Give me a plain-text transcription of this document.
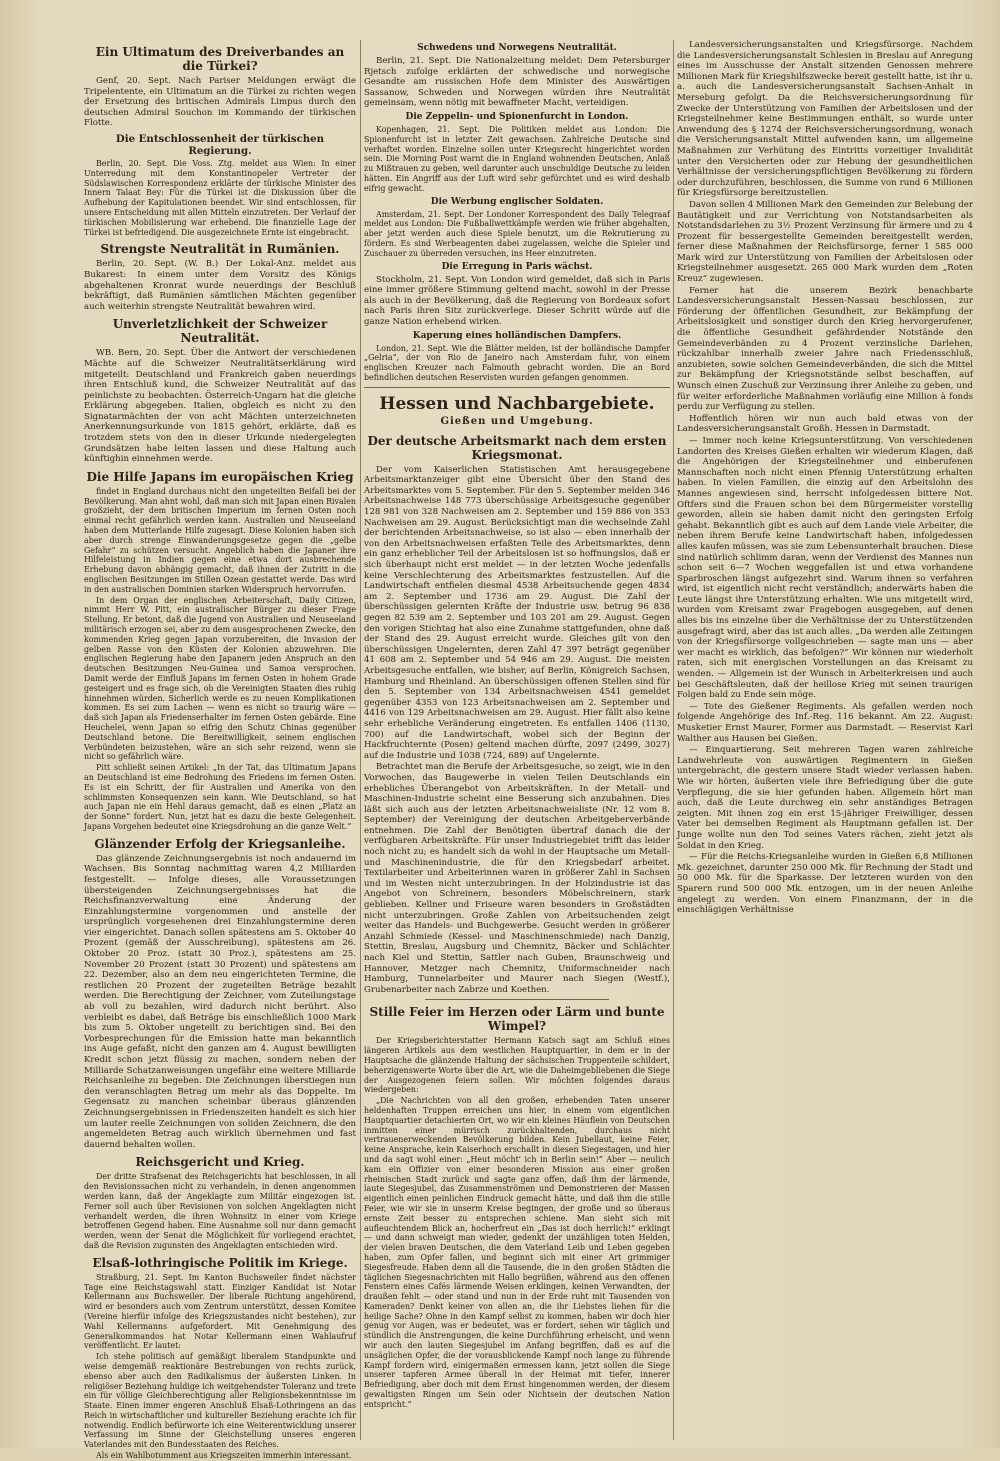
Ein Ultimatum des Dreiverbandes an die Türkei?

Genf, 20. Sept. Nach Pariser Meldungen erwägt die Tripelentente, ein Ultimatum an die Türkei zu richten wegen der Ersetzung des britischen Admirals Limpus durch den deutschen Admiral Souchon im Kommando der türkischen Flotte.

Die Entschlossenheit der türkischen Regierung.

Berlin, 20. Sept. Die Voss. Ztg. meldet aus Wien: In einer Unterredung mit dem Konstantinopeler Vertreter der Südslawischen Korrespondenz erklärte der türkische Minister des Innern Talaat Bey: Für die Türkei ist die Diskussion über die Aufhebung der Kapitulationen beendet. Wir sind entschlossen, für unsere Entscheidung mit allen Mitteln einzutreten. Der Verlauf der türkischen Mobilisierung war erhebend. Die finanzielle Lage der Türkei ist befriedigend. Die ausgezeichnete Ernte ist eingebracht.

Strengste Neutralität in Rumänien.

Berlin, 20. Sept. (W. B.) Der Lokal-Anz. meldet aus Bukarest: In einem unter dem Vorsitz des Königs abgehaltenen Kronrat wurde neuerdings der Beschluß bekräftigt, daß Rumänien sämtlichen Mächten gegenüber auch weiterhin strengste Neutralität bewahren wird.

Unverletzlichkeit der Schweizer Neutralität.

WB. Bern, 20. Sept. Über die Antwort der verschiedenen Mächte auf die Schweizer Neutralitätserklärung wird mitgeteilt: Deutschland und Frankreich gaben neuerdings ihren Entschluß kund, die Schweizer Neutralität auf das peinlichste zu beobachten. Österreich-Ungarn hat die gleiche Erklärung abgegeben. Italien, obgleich es nicht zu den Signatarmächten der von acht Mächten unterzeichneten Anerkennungsurkunde von 1815 gehört, erklärte, daß es trotzdem stets von den in dieser Urkunde niedergelegten Grundsätzen habe leiten lassen und diese Haltung auch künftighin einnehmen werde.

Die Hilfe Japans im europäischen Krieg

findet in England durchaus nicht den ungeteilten Beifall bei der Bevölkerung. Man ahnt wohl, daß man sich mit Japan einen Rivalen großzieht, der dem britischen Imperium im fernen Osten noch einmal recht gefährlich werden kann. Australien und Neuseeland haben dem Mutterlande Hilfe zugesagt. Diese Kolonien haben sich aber durch strenge Einwanderungsgesetze gegen die „gelbe Gefahr“ zu schützen versucht. Angeblich haben die Japaner ihre Hilfeleistung in Indien gegen eine etwa dort ausbrechende Erhebung davon abhängig gemacht, daß ihnen der Zutritt in die englischen Besitzungen im Stillen Ozean gestattet werde. Das wird in den australischen Dominien starken Widerspruch hervorrufen.

In dem Organ der englischen Arbeiterschaft, Daily Citizen, nimmt Herr W. Pitt, ein australischer Bürger zu dieser Frage Stellung. Er betont, daß die Jugend von Australien und Neuseeland militärisch erzogen sei, aber zu dem ausgesprochenen Zwecke, den kommenden Krieg gegen Japan vorzubereiten, die Invasion der gelben Rasse von den Küsten der Kolonien abzuwehren. Die englischen Regierung habe den Japanern jeden Anspruch an den deutschen Besitzungen Neu-Guinea und Samoa versprochen. Damit werde der Einfluß Japans im fernen Osten in hohem Grade gesteigert und es frage sich, ob die Vereinigten Staaten dies ruhig hinnehmen würden. Sicherlich werde es zu neuen Komplikationen kommen. Es sei zum Lachen — wenn es nicht so traurig wäre — daß sich Japan als Friedenserhalter im fernen Osten gebärde. Eine Heuchelei, wenn Japan so eifrig den Schutz Chinas gegenüber Deutschland betone. Die Bereitwilligkeit, seinem englischen Verbündeten beizustehen, wäre an sich sehr reizend, wenn sie nicht so gefährlich wäre.

Pitt schließt seinen Artikel: „In der Tat, das Ultimatum Japans an Deutschland ist eine Bedrohung des Friedens im fernen Osten. Es ist ein Schritt, der für Australien und Amerika von den schlimmsten Konsequenzen sein kann. Wie Deutschland, so hat auch Japan nie ein Hehl daraus gemacht, daß es einen „Platz an der Sonne“ fordert. Nun, jetzt hat es dazu die beste Gelegenheit. Japans Vorgehen bedeutet eine Kriegsdrohung an die ganze Welt.“

Glänzender Erfolg der Kriegsanleihe.

Das glänzende Zeichnungsergebnis ist noch andauernd im Wachsen. Bis Sonntag nachmittag waren 4,2 Milliarden festgestellt. — Infolge dieses, alle Voraussetzungen übersteigenden Zeichnungsergebnisses hat die Reichsfinanzverwaltung eine Änderung der Einzahlungstermine vorgenommen und anstelle der ursprünglich vorgesehenen drei Einzahlungstermine deren vier eingerichtet. Danach sollen spätestens am 5. Oktober 40 Prozent (gemäß der Ausschreibung), spätestens am 26. Oktober 20 Proz. (statt 30 Proz.), spätestens am 25. November 20 Prozent (statt 30 Prozent) und spätestens am 22. Dezember, also an dem neu eingerichteten Termine, die restlichen 20 Prozent der zugeteilten Beträge bezahlt werden. Die Berechtigung der Zeichner, vom Zuteilungstage ab voll zu bezahlen, wird dadurch nicht berührt. Also verbleibt es dabei, daß Beträge bis einschließlich 1000 Mark bis zum 5. Oktober ungeteilt zu berichtigen sind. Bei den Vorbesprechungen für die Emission hatte man bekanntlich ins Auge gefaßt, nicht den ganzen am 4. August bewilligten Kredit schon jetzt flüssig zu machen, sondern neben der Milliarde Schatzanweisungen ungefähr eine weitere Milliarde Reichsanleihe zu begeben. Die Zeichnungen überstiegen nun den veranschlagten Betrag um mehr als das Doppelte. Im Gegensatz zu manchen scheinbar überaus glänzenden Zeichnungsergebnissen in Friedenszeiten handelt es sich hier um lauter reelle Zeichnungen von soliden Zeichnern, die den angemeldeten Betrag auch wirklich übernehmen und fast dauernd behalten wollen.

Reichsgericht und Krieg.

Der dritte Strafsenat des Reichsgerichts hat beschlossen, in all den Revisionssachen nicht zu verhandeln, in denen angenommen werden kann, daß der Angeklagte zum Militär eingezogen ist. Ferner soll auch über Revisionen von solchen Angeklagten nicht verhandelt werden, die ihren Wohnsitz in einer vom Kriege betroffenen Gegend haben. Eine Ausnahme soll nur dann gemacht werden, wenn der Senat die Möglichkeit für vorliegend erachtet, daß die Revision zugunsten des Angeklagten entschieden wird.

Elsaß-lothringische Politik im Kriege.

Straßburg, 21. Sept. Im Kanton Buchsweiler findet nächster Tage eine Reichstagswahl statt. Einziger Kandidat ist Notar Kellermann aus Buchsweiler. Der liberale Richtung angehörend, wird er besonders auch vom Zentrum unterstützt, dessen Komitee (Vereine hierfür infolge des Kriegszustandes nicht bestehen), zur Wahl Kellermanns aufgefordert. Mit Genehmigung des Generalkommandos hat Notar Kellermann einen Wahlaufruf veröffentlicht. Er lautet:

Ich stehe politisch auf gemäßigt liberalem Standpunkte und weise demgemäß reaktionäre Bestrebungen von rechts zurück, ebenso aber auch den Radikalismus der äußersten Linken. In religiöser Beziehung huldige ich weitgehendster Toleranz und trete ein für völlige Gleichberechtigung aller Religionsbekenntnisse im Staate. Einen immer engeren Anschluß Elsaß-Lothringens an das Reich in wirtschaftlicher und kultureller Beziehung erachte ich für notwendig. Endlich befürworte ich eine Weiterentwicklung unserer Verfassung im Sinne der Gleichstellung unseres engeren Vaterlandes mit den Bundesstaaten des Reiches.

Als ein Wahlbotumment aus Kriegszeiten immerhin interessant.

Schwedens und Norwegens Neutralität.

Berlin, 21. Sept. Die Nationalzeitung meldet: Dem Petersburger Rjetsch zufolge erklärten der schwedische und norwegische Gesandte am russischen Hofe dem Minister des Auswärtigen Sassanow, Schweden und Norwegen würden ihre Neutralität gemeinsam, wenn nötig mit bewaffneter Macht, verteidigen.

Die Zeppelin- und Spionenfurcht in London.

Kopenhagen, 21. Sept. Die Politiken meldet aus London: Die Spionenfurcht ist in letzter Zeit gewachsen. Zahlreiche Deutsche sind verhaftet worden. Einzelne sollen unter Kriegsrecht hingerichtet worden sein. Die Morning Post warnt die in England wohnenden Deutschen, Anlaß zu Mißtrauen zu geben, weil darunter auch unschuldige Deutsche zu leiden hätten. Ein Angriff aus der Luft wird sehr gefürchtet und es wird deshalb eifrig gewacht.

Die Werbung englischer Soldaten.

Amsterdam, 21. Sept. Der Londoner Korrespondent des Daily Telegraaf meldet aus London: Die Fußballwettkämpfe werden wie früher abgehalten, aber jetzt werden auch diese Spiele benutzt, um die Rekrutierung zu fördern. Es sind Werbeagenten dabei zugelassen, welche die Spieler und Zuschauer zu überreden versuchen, ins Heer einzutreten.

Die Erregung in Paris wächst.

Stockholm, 21. Sept. Von London wird gemeldet, daß sich in Paris eine immer größere Stimmung geltend macht, sowohl in der Presse als auch in der Bevölkerung, daß die Regierung von Bordeaux sofort nach Paris ihren Sitz zurückverlege. Dieser Schritt würde auf die ganze Nation erhebend wirken.

Kaperung eines holländischen Dampfers.

London, 21. Sept. Wie die Blätter melden, ist der holländische Dampfer „Gelria“, der von Rio de Janeiro nach Amsterdam fuhr, von einem englischen Kreuzer nach Falmouth gebracht worden. Die an Bord befindlichen deutschen Reservisten wurden gefangen genommen.

Hessen und Nachbargebiete.
Gießen und Umgebung.
Der deutsche Arbeitsmarkt nach dem ersten Kriegsmonat.

Der vom Kaiserlichen Statistischen Amt herausgegebene Arbeitsmarktanzeiger gibt eine Übersicht über den Stand des Arbeitsmarktes vom 5. September. Für den 5. September melden 346 Arbeitsnachweise 148 773 überschüssige Arbeitsgesuche gegenüber 128 981 von 328 Nachweisen am 2. September und 159 886 von 353 Nachweisen am 29. August. Berücksichtigt man die wechselnde Zahl der berichtenden Arbeitsnachweise, so ist also — eben innerhalb der von den Arbeitsnachweisen erfaßten Teile des Arbeitsmarktes, denn ein ganz erheblicher Teil der Arbeitslosen ist so hoffnungslos, daß er sich überhaupt nicht erst meldet — in der letzten Woche jedenfalls keine Verschlechterung des Arbeitsmarktes festzustellen. Auf die Landwirtschaft entfielen diesmal 4538 Arbeitsuchende gegen 4834 am 2. September und 1736 am 29. August. Die Zahl der überschüssigen gelernten Kräfte der Industrie usw. betrug 96 838 gegen 82 539 am 2. September und 103 201 am 29. August. Gegen den vorigen Stichtag hat also eine Zunahme stattgefunden, ohne daß der Stand des 29. August erreicht wurde. Gleiches gilt von den überschüssigen Ungelernten, deren Zahl 47 397 beträgt gegenüber 41 608 am 2. September und 54 946 am 29. August. Die meisten Arbeitsgesuche entfallen, wie bisher, auf Berlin, Königreich Sachsen, Hamburg und Rheinland. An überschüssigen offenen Stellen sind für den 5. September von 134 Arbeitsnachweisen 4541 gemeldet gegenüber 4353 von 123 Arbeitsnachweisen am 2. September und 4416 von 129 Arbeitsnachweisen am 29. August. Hier fällt also keine sehr erhebliche Veränderung eingetreten. Es entfallen 1406 (1130, 700) auf die Landwirtschaft, wobei sich der Beginn der Hackfruchternte (Posen) geltend machen dürfte, 2097 (2499, 3027) auf die Industrie und 1038 (724, 689) auf Ungelernte.

Betrachtet man die Berufe der Arbeitsgesuche, so zeigt, wie in den Vorwochen, das Baugewerbe in vielen Teilen Deutschlands ein erhebliches Überangebot von Arbeitskräften. In der Metall- und Maschinen-Industrie scheint eine Besserung sich anzubahnen. Dies läßt sich auch aus der letzten Arbeitsnachweisliste (Nr. 12 vom 8. September) der Vereinigung der deutschen Arbeitgeberverbände entnehmen. Die Zahl der Benötigten übertraf danach die der verfügbaren Arbeitskräfte. Für unser Industriegebiet trifft das leider noch nicht zu; es handelt sich da wohl in der Hauptsache um Metall- und Maschinenindustrie, die für den Kriegsbedarf arbeitet. Textilarbeiter und Arbeiterinnen waren in größerer Zahl in Sachsen und im Westen nicht unterzubringen. In der Holzindustrie ist das Angebot von Schreinern, besonders Möbelschreinern, stark geblieben. Kellner und Friseure waren besonders in Großstädten nicht unterzubringen. Große Zahlen von Arbeitsuchenden zeigt weiter das Handels- und Buchgewerbe. Gesucht werden in größerer Anzahl Schmiede (Kessel- und Maschinenschmiede) nach Danzig, Stettin, Breslau, Augsburg und Chemnitz, Bäcker und Schlächter nach Kiel und Stettin, Sattler nach Guben, Braunschweig und Hannover, Metzger nach Chemnitz, Uniformschneider nach Hamburg, Tunnelarbeiter und Maurer nach Siegen (Westf.), Grubenarbeiter nach Zabrze und Koethen.

Stille Feier im Herzen oder Lärm und bunte Wimpel?

Der Kriegsberichterstatter Hermann Katsch sagt am Schluß eines längeren Artikels aus dem westlichen Hauptquartier, in dem er in der Hauptsache die glänzende Haltung der sächsischen Truppenteile schildert, beherzigenswerte Worte über die Art, wie die Daheimgebliebenen die Siege der Ausgezogenen feiern sollen. Wir möchten folgendes daraus wiedergeben:

„Die Nachrichten von all den großen, erhebenden Taten unserer heldenhaften Truppen erreichen uns hier, in einem vom eigentlichen Hauptquartier detachierten Ort, wo wir ein kleines Häuflein von Deutschen inmitten einer mürrisch zurückhaltenden, durchaus nicht vertrauenerweckenden Bevölkerung bilden. Kein Jubellaut, keine Feier, keine Ansprache, kein Kaiserhoch erschallt in diesen Siegestagen, und hier und da sagt wohl einer: „Heut möcht' ich in Berlin sein!“ Aber — neulich kam ein Offizier von einer besonderen Mission aus einer großen rheinischen Stadt zurück und sagte ganz offen, daß ihm der lärmende, laute Siegesjubel, das Zusammenströmen und Demonstrieren der Massen eigentlich einen peinlichen Eindruck gemacht hätte, und daß ihm die stille Feier, wie wir sie in unserm Kreise begingen, der große und so überaus ernste Zeit besser zu entsprechen schiene. Man sieht sich mit aufleuchtendem Blick an, hocherfreut ein „Das ist doch herrlich!“ erklingt — und dann schweigt man wieder, gedenkt der unzähligen toten Helden, der vielen braven Deutschen, die dem Vaterland Leib und Leben gegeben haben, zum Opfer fallen, und beginnt sich mit einer Art grimmiger Siegesfreude. Haben denn all die Tausende, die in den großen Städten die täglichen Siegesnachrichten mit Hallo begrüßen, während aus den offenen Fenstern eines Cafés lärmende Weisen erklingen, keinen Verwandten, der draußen fehlt — oder stand und nun in der Erde ruht mit Tausenden von Kameraden? Denkt keiner von allen an, die ihr Liebstes liehen für die heilige Sache? Ohne in den Kampf selbst zu kommen, haben wir doch hier genug vor Augen, was er bedeutet, was er fordert, sehen wir täglich und stündlich die Anstrengungen, die keine Durchführung erheischt, und wenn wir auch den lauten Siegesjubel im Anfang begriffen, daß es auf die unsäglichen Opfer, die der vorausblickende Kampf noch lange zu führende Kampf fordern wird, einigermaßen ermessen kann, jetzt sollen die Siege unserer tapferen Armee überall in der Heimat mit tiefer, innerer Befriedigung, aber doch mit dem Ernst hingenommen werden, der diesem gewaltigsten Ringen um Sein oder Nichtsein der deutschen Nation entspricht.“

Landesversicherungsanstalten und Kriegsfürsorge. Nachdem die Landesversicherungsanstalt Schlesien in Breslau auf Anregung eines im Ausschusse der Anstalt sitzenden Genossen mehrere Millionen Mark für Kriegshilfszwecke bereit gestellt hatte, ist ihr u. a. auch die Landesversicherungsanstalt Sachsen-Anhalt in Merseburg gefolgt. Da die Reichsversicherungsordnung für Zwecke der Unterstützung von Familien der Arbeitslosen und der Kriegsteilnehmer keine Bestimmungen enthält, so wurde unter Anwendung des § 1274 der Reichsversicherungsordnung, wonach die Versicherungsanstalt Mittel aufwenden kann, um allgemeine Maßnahmen zur Verhütung des Eintritts vorzeitiger Invalidität unter den Versicherten oder zur Hebung der gesundheitlichen Verhältnisse der versicherungspflichtigen Bevölkerung zu fördern oder durchzuführen, beschlossen, die Summe von rund 6 Millionen für Kriegsfürsorge bereitzustellen.

Davon sollen 4 Millionen Mark den Gemeinden zur Belebung der Bautätigkeit und zur Verrichtung von Notstandsarbeiten als Notstandsdarlehen zu 3½ Prozent Verzinsung für ärmere und zu 4 Prozent für bessergestellte Gemeinden bereitgestellt werden, ferner diese Maßnahmen der Reichsfürsorge, ferner 1 585 000 Mark wird zur Unterstützung von Familien der Arbeitslosen oder Kriegsteilnehmer ausgesetzt. 265 000 Mark wurden dem „Roten Kreuz“ zugewiesen.

Ferner hat die unserem Bezirk benachbarte Landesversicherungsanstalt Hessen-Nassau beschlossen, zur Förderung der öffentlichen Gesundheit, zur Bekämpfung der Arbeitslosigkeit und sonstiger durch den Krieg hervorgerufener, die öffentliche Gesundheit gefährdender Notstände den Gemeindeverbänden zu 4 Prozent verzinsliche Darlehen, rückzahlbar innerhalb zweier Jahre nach Friedensschluß, anzubieten, sowie solchen Gemeindeverbänden, die sich die Mittel zur Bekämpfung der Kriegsnotstände selbst beschaffen, auf Wunsch einen Zuschuß zur Verzinsung ihrer Anleihe zu geben, und für weiter erforderliche Maßnahmen vorläufig eine Million à fonds perdu zur Verfügung zu stellen.

Hoffentlich hören wir nun auch bald etwas von der Landesversicherungsanstalt Großh. Hessen in Darmstadt.

— Immer noch keine Kriegsunterstützung. Von verschiedenen Landorten des Kreises Gießen erhalten wir wiederum Klagen, daß die Angehörigen der Kriegsteilnehmer und einberufenen Mannschaften noch nicht einen Pfennig Unterstützung erhalten haben. In vielen Familien, die einzig auf den Arbeitslohn des Mannes angewiesen sind, herrscht infolgedessen bittere Not. Oftfers sind die Frauen schon bei dem Bürgermeister vorstellig geworden, allein sie haben damit nicht den geringsten Erfolg gehabt. Bekanntlich gibt es auch auf dem Lande viele Arbeiter, die neben ihrem Berufe keine Landwirtschaft haben, infolgedessen alles kaufen müssen, was sie zum Lebensunterhalt brauchen. Diese sind natürlich schlimm daran, wenn der Verdienst des Mannes nun schon seit 6—7 Wochen weggefallen ist und etwa vorhandene Sparbroschen längst aufgezehrt sind. Warum ihnen so verfahren wird, ist eigentlich nicht recht verständlich; anderwärts haben die Leute längst ihre Unterstützung erhalten. Wie uns mitgeteilt wird, wurden vom Kreisamt zwar Fragebogen ausgegeben, auf denen alles bis ins einzelne über die Verhältnisse der zu Unterstützenden ausgefragt wird, aber das ist auch alles. „Da werden alle Zeitungen von der Kriegsfürsorge vollgeschrieben — sagte man uns — aber wer macht es wirklich, das befolgen?“ Wir können nur wiederholt raten, sich mit energischen Vorstellungen an das Kreisamt zu wenden. — Allgemein ist der Wunsch in Arbeiterkreisen und auch bei Geschäftsleuten, daß der heillose Krieg mit seinen traurigen Folgen bald zu Ende sein möge.

— Tote des Gießener Regiments. Als gefallen werden noch folgende Angehörige des Inf.-Reg. 116 bekannt. Am 22. August: Musketier Ernst Maurer, Former aus Darmstadt. — Reservist Karl Walther aus Hausen bei Gießen.

— Einquartierung. Seit mehreren Tagen waren zahlreiche Landwehrleute von auswärtigen Regimentern in Gießen untergebracht, die gestern unsere Stadt wieder verlassen haben. Wie wir hörten, äußerten viele ihre Befriedigung über die gute Verpflegung, die sie hier gefunden haben. Allgemein hört man auch, daß die Leute durchweg ein sehr anständiges Betragen zeigten. Mit ihnen zog ein erst 15-jähriger Freiwilliger, dessen Vater bei demselben Regiment als Hauptmann gefallen ist. Der Junge wollte nun den Tod seines Vaters rächen, zieht jetzt als Soldat in den Krieg.

— Für die Reichs-Kriegsanleihe wurden in Gießen 6,8 Millionen Mk. gezeichnet, darunter 250 000 Mk. für Rechnung der Stadt und 50 000 Mk. für die Sparkasse. Der letzteren wurden von den Sparern rund 500 000 Mk. entzogen, um in der neuen Anleihe angelegt zu werden. Von einem Finanzmann, der in die einschlägigen Verhältnisse
